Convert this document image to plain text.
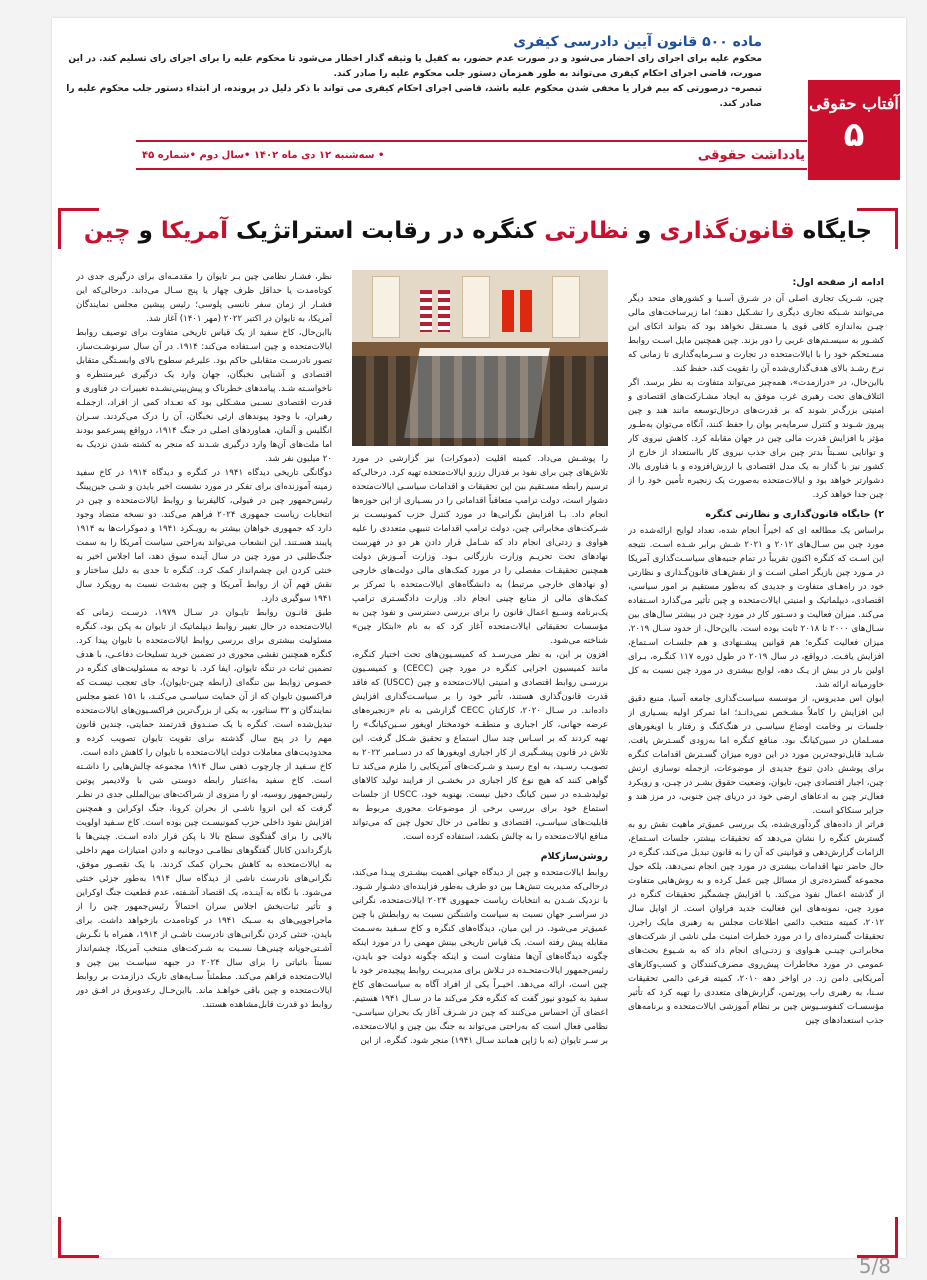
ماده ۵۰۰ قانون آیین دادرسی کیفری
محکوم علیه برای اجرای رای احضار می‌شود و در صورت عدم حضور، به کفیل یا وثیقه گذار اخطار می‌شود تا محکوم علیه را برای اجرای رای تسلیم کند. در این صورت، قاضی اجرای احکام کیفری می‌تواند به طور همزمان دستور جلب محکوم علیه را صادر کند.
تبصره- درصورتی که بیم فرار یا مخفی شدن محکوم علیه باشد، قاضی اجرای احکام کیفری می تواند با ذکر دلیل در پرونده، از ابتداء دستور جلب محکوم علیه را صادر کند.	آفتاب حقوقی
۵
یادداشت حقوقی
• سه‌شنبه ۱۲ دی ماه ۱۴۰۲ •سال دوم •شماره ۴۵
جایگاه قانون‌گذاری و نظارتی کنگره در رقابت استراتژیک آمریکا و چین
ادامه از صفحه اول:
چین، شـریک تجاری اصلی آن در شـرق آسـیا و کشورهای متحد دیگر می‌توانند شـبکه تجاری دیگری را تشـکیل دهند؛ اما زیرساخت‌های مالی چیـن به‌اندازه کافی قوی یا مسـتقل نخواهد بود که بتواند اتکای این کشـور به سیسـتم‌های غربی را دور بزند. چین همچنین مایل اسـت روابط مسـتحکم خود را با ایالات‌متحده در تجارت و سـرمایه‌گذاری تا زمانی که نرخ رشـد بالای هدف‌گذاری‌شده آن را تقویت کند، حفظ کند.
بااین‌حال، در «درازمدت»، همه‌چیز می‌تواند متفاوت به نظر برسد. اگر ائتلاف‌های تحت رهبری غرب موفق به ایجاد مشـارکت‌های اقتصادی و امنیتی بزرگ‌تر شوند که بر قدرت‌های درحال‌توسعه مانند هند و چین پیروز شـوند و کنترل سرمایه‌بر بوان را حفظ کنند، آنگاه می‌توان به‌طـور مؤثر با افزایش قدرت مالی چین در جهان مقابله کرد. کاهش نیروی کار و توانایی نسـبتاً بدتر چین برای جذب نیروی کار بااستعداد از خارج از کشور نیز با گذار به یک مدل اقتصادی با ارزش‌افزوده و با فناوری بالا، دشوارتر خواهد بود و ایالات‌متحده به‌صورت یک زنجیره تأمین خود را از چین جدا خواهد کرد.
۲) جایگاه قانون‌گذاری و نظارتی کنگره
براساس یک مطالعه ای که اخیراً انجام شده، تعداد لوایح ارائه‌شده در مورد چین بین سـال‌های ۲۰۱۲ و ۲۰۲۱ شـش برابر شـده اسـت. نتیجه این اسـت که کنگره اکنون تقریباً در تمام جنبه‌های سیاسـت‌گذاری آمریکا در مـورد چین بازیگر اصلی اسـت و از نقش‌هـای قانون‌گـذاری و نظارتی خود در راه‌هـای متفاوت و جدیدی که به‌طور مستقیم بر امور سیاسی، اقتصادی، دیپلماتیک و امنیتی ایالات‌متحده و چین تأثیر می‌گذارد اسـتفاده می‌کند. میزان فعالیت و دسـتور کار در مورد چین در بیشتر سال‌های بین سـال‌های ۲۰۰۰ تا ۲۰۱۸ ثابت بوده است. بااین‌حال، از حدود سـال ۲۰۱۹، میزان فعالیت کنگره؛ هم قوانین پیشـنهادی و هم جلسـات اسـتماع، افزایش یافـت. درواقع، در سال ۲۰۱۹ در طول دوره ۱۱۷ کنگـره، بـرای اولین بار در بیش از یـک دهه، لوایح بیشتری در مورد چین نسبت به کل خاورمیانه ارائه شد.
ایوان اس مدیروس، از موسسه سیاست‌گذاری جامعه آسیا، منبع دقیق این افزایش را کاملاً مشـخص نمی‌دانـد؛ اما تمرکز اولیه بسـیاری از جلسات بر وخامت اوضاع سیاسـی در هنگ‌کنگ و رفتار با اویغورهای مسـلمان در سین‌کیانگ بود. منافع کنگره اما به‌زودی گسـترش یافت. شـاید قابل‌توجه‌ترین مورد در این دوره میزان گسـترش اقدامات کنگره برای پوشش دادن تنوع جدیدی از موضوعات، ازجمله نوسازی ارتش چین، اجبار اقتصادی چین، تایوان، وضعیت حقوق بشـر در چیـن، و رویکرد فعال‌تر چین به ادعاهای ارضی خود در دریای چین جنوبی، در مرز هند و جزایر سنکاکو است.
فراتر از داده‌های گردآوری‌شده، یک بررسی عمیق‌تر ماهیت نقش رو به گسترش کنگره را نشان می‌دهد که تحقیقات بیشتر، جلسات اسـتماع، الزامات گزارش‌دهی و قوانینی که آن را به قانون تبدیل می‌کند، کنگره در حال حاضر تنها اقدامات بیشتری در مورد چین انجام نمی‌دهد، بلکه حول مجموعه گسترده‌تری از مسائل چین عمل کرده و به روش‌هایی متفاوت از گذشته اعمال نفوذ می‌کند. با افزایش چشمگیر تحقیقات کنگره در مورد چین، نمونه‌های این فعالیت جدید فراوان است. از اوایل سال ۲۰۱۲، کمیته منتخب دائمی اطلاعات مجلس به رهبری مایک راجرز، تحقیقات گسترده‌ای را در مورد خطرات امنیت ملی ناشی از شرکت‌های مخابراتـی چینـی هـواوی و زدتـی‌ای انجام داد که به شـیوع بحث‌های عمومی در مورد مخاطرات پیش‌روی مصرف‌کنندگان و کسب‌وکارهای آمریکایی دامن زد. در اواخر دهه ۲۰۱۰، کمیته فرعی دائمی تحقیقات سـنا، به رهبری راب پورتمن، گزارش‌های متعددی را تهیه کرد که تأثیر مؤسسـات کنفوسـیوس چین بر نظام آموزشی ایالات‌متحده و برنامه‌های جذب استعدادهای چین
را پوشـش می‌داد. کمیته اقلیت (دموکرات) نیز گزارشی در مورد تلاش‌های چین برای نفوذ بر فدرال رزرو ایالات‌متحده تهیه کرد. درحالی‌که ترسیم رابطه مسـتقیم بین این تحقیقات و اقدامات سیاسـی ایالات‌متحده دشوار است، دولت ترامپ متعاقباً اقداماتی را در بسـیاری از این حوزه‌ها انجام داد. بـا افزایش نگرانی‌ها در مورد کنترل حزب کمونیسـت بر شـرکت‌های مخابراتی چین، دولت ترامپ اقدامات تنبیهی متعددی را علیه هواوی و زدتی‌ای انجام داد که شـامل قرار دادن هر دو در فهرست نهادهای تحت تحریـم وزارت بازرگانی بـود. وزارت آمـوزش دولت همچنین تحقیقـات مفصلی را در مورد کمک‌های مالی دولت‌های خارجی (و نهادهای خارجی مرتبط) به دانشگاه‌های ایالات‌متحده با تمرکز بر کمک‌های مالی از منابع چینی انجام داد. وزارت دادگسـتری ترامپ یک‌برنامه وسـیع اعمال قانون را برای بررسی دسترسی و نفوذ چین به مؤسسات تحقیقاتی ایالات‌متحده آغاز کرد که به نام «ابتکار چین» شناخته می‌شود.
افزون بر این، به نظر می‌رسـد که کمیسـیون‌های تحت اختیار کنگره، مانند کمیسیون اجرایی کنگره در مورد چین (CECC) و کمیسـیون بررسـی روابط اقتصادی و امنیتی ایالات‌متحده و چین (USCC) که فاقد قدرت قانون‌گذاری هستند، تأثیر خود را بر سیاسـت‌گذاری افزایش داده‌اند. در سـال ۲۰۲۰، کارکنان CECC گزارشی به نام «زنجیره‌های عرضه جهانی، کار اجباری و منطقـه خودمختار اویغور سـین‌کیانگ» را تهیه کردند که بر اسـاس چند سال استماع و تحقیق شـکل گرفت. این تلاش در قانون پیشـگیری از کار اجباری اویغورها که در دسـامبر ۲۰۲۲ به تصویـب رسـید، به اوج رسید و شـرکت‌های آمریکایی را ملزم می‌کند تـا گواهی کنند که هیچ نوع کار اجباری در بخشـی از فرایند تولید کالاهای تولیدشـده در سین کیانگ دخیل نیست. بهنوبه خود، USCC از جلسات استماع خود برای بررسی برخی از موضوعات محوری مربوط به قابلیت‌های سیاسـی، اقتصادی و نظامی در حال تحول چین که می‌تواند منافع ایالات‌متحده را به چالش بکشد، استفاده کرده است.
روشن‌سازکلام
روابط ایالات‌متحده و چین از دیدگاه جهانی اهمیت بیشـتری پیـدا می‌کند، درحالی‌که مدیریت تنش‌هـا بین دو طرف به‌طور فزاینده‌ای دشـوار شـود. با نزدیک شـدن به انتخابات ریاست جمهوری ۲۰۲۴ ایالات‌متحده، نگرانی در سراسـر جهان نسبت به سیاست واشنگتن نسبت به روابطش با چین عمیق‌تر می‌شود. در این میان، دیدگاه‌های کنگره و کاخ سـفید به‌سـمت مقابله پیش رفته است. یک قیاس تاریخی بینش مهمی را در مورد اینکه چگونه دیدگاه‌های آن‌ها متفاوت است و اینکه چگونه دولت جو بایدن، رئیس‌جمهور ایالات‌متحـده در تـلاش برای مدیریـت روابط پیچیده‌تر خود با چین است، ارائه می‌دهد. اخیـراً یکی از افراد آگاه به سیاست‌های کاخ سفید به کیودو نیوز گفت که کنگره فکر می‌کند ما در سـال ۱۹۴۱ هستیم. اعضای آن احساس می‌کنند که چین در شـرف آغاز یک بحران سیاسـی-نظامی فعال است که به‌راحتی می‌تواند به جنگ بین چین و ایالات‌متحده، بر سـر تایوان (نه با ژاپن همانند سـال ۱۹۴۱) منجر شود. کنگره، از این
نظر، فشـار نظامی چین بـر تایوان را مقدمـه‌ای برای درگیری جدی در کوتاه‌مدت یا حداقل ظرف چهار یا پنج سـال می‌داند. درحالی‌که این فشـار از زمان سفر نانسی پلوسی؛ رئیس پیشین مجلس نمایندگان آمریکا، به تایوان در اکتبر ۲۰۲۲ (مهر ۱۴۰۱) آغاز شد.
بااین‌حال، کاخ سفید از یک قیاس تاریخی متفاوت برای توصیف روابط ایالات‌متحده و چین اسـتفاده می‌کند: ۱۹۱۴. در آن سال سرنوشـت‌ساز، تصور نادرسـت متقابلی حاکم بود. علیرغم سطوح بالای وابسـتگی متقابل اقتصادی و آشنایی نخبگان، جهان وارد یک درگیری غیرمنتظره و ناخواسـته شـد. پیامدهای خطرناک و پیش‌بینی‌نشـده تغییرات در فناوری و قدرت اقتصادی نسـبی مشـکلی بود که تعـداد کمی از افراد، ازجملـه رهبران، با وجود پیوندهای ارثی نخبگان، آن را درک می‌کردند. سـران انگلیس و آلمان، هماوردهای اصلی در جنگ ۱۹۱۴، درواقع پسرعمو بودند اما ملت‌های آن‌ها وارد درگیری شـدند که منجر به کشته شدن نزدیک به ۲۰ میلیون نفر شد.
دوگانگی تاریخی دیدگاه ۱۹۴۱ در کنگره و دیدگاه ۱۹۱۴ در کاخ سفید زمینه آموزنده‌ای برای تفکر در مورد نشست اخیر بایدن و شـی جین‌پینگ رئیس‌جمهور چین در فیولی، کالیفرنیا و روابط ایالات‌متحده و چین در انتخابات ریاست جمهوری ۲۰۲۴ فراهم می‌کند. دو نسخه متضاد وجود دارد که جمهوری خواهان بیشتر به رویـکرد ۱۹۴۱ و دموکرات‌ها به ۱۹۱۴ پایبند هسـتند. این انشعاب می‌تواند به‌راحتی سیاست آمریکا را به سمت جنگ‌طلبی در مورد چین در سال آینده سوق دهد، اما اجلاس اخیر به خنثی کردن این چشم‌انداز کمک کرد. کنگره تا حدی به دلیل ساختار و نقش فهم آن از روابط آمریکا و چین به‌شدت نسبت به رویکرد سال ۱۹۴۱ سوگیری دارد.
طبق قانـون روابط تایـوان در سـال ۱۹۷۹، درسـت زمانی که ایالات‌متحده در حال تغییر روابط دیپلماتیک از تایوان به پکن بود، کنگره مسئولیت بیشتری برای بررسی روابط ایالات‌متحده با تایوان پیدا کرد. کنگره همچنین نقشی محوری در تضمین خرید تسلیحات دفاعـی، با هدف تضمین ثبات در تنگه تایوان، ایفا کرد. با توجه به مسئولیت‌های کنگره در خصوص روابط بین تنگه‌ای (رابطه چین-تایوان)، جای تعجب نیسـت که فراکسیون تایوان که از آن حمایت سیاسـی می‌کنـد، با ۱۵۱ عضو مجلس نمایندگان و ۳۲ سناتور، به یکی از بزرگ‌ترین فراکسـیون‌های ایالات‌متحده تبدیل‌شده است. کنگره با یک صنـدوق قدرتمند حمایتی، چندین قانون مهم را در پنج سال گذشته برای تقویت تایوان تصویب کرده و محدودیت‌های معاملات دولت ایالات‌متحده با تایوان را کاهش داده است.
کاخ سـفید از چارچوب ذهنی سال ۱۹۱۴ مجموعه چالش‌هایی را داشـته است. کاخ سفید به‌اعتبار رابطه دوستی شی با ولادیمیر پوتین رئیس‌جمهور روسیه، او را منزوی از شراکت‌های بین‌المللی جدی در نظـر گرفت که این انزوا ناشـی از بحران کرونا، جنگ اوکراین و همچنین افزایش نفوذ داخلی حزب کمونیسـت چین بوده است. کاخ سـفید اولویت بالایی را برای گفتگوی سطح بالا با پکن قرار داده اسـت. چینی‌ها با بازگرداندن کانال گفتگوهای نظامـی دوجانبه و دادن امتیازات مهم داخلی به ایالات‌متحده به کاهش بحـران کمک کردند. با یک نقصـور موفق، نگرانی‌های نادرست ناشی از دیدگاه سال ۱۹۱۴ به‌طور جزئی خنثی می‌شود. با نگاه به آینـده، یک اقتصاد آشـفته، عدم قطعیت جنگ اوکراین و تأثیر ثبات‌بخش اجلاس سران احتمالاً رئیس‌جمهور چین را از ماجراجویی‌های به سـبک ۱۹۴۱ در کوتاه‌مدت بازخواهد داشت. برای بایدن، خنثی کردن نگرانی‌های نادرست ناشـی از ۱۹۱۴، همراه با نگـرش آشـتی‌جویانه چینی‌هـا نسـبت به شـرکت‌های منتخب آمریکا، چشم‌انداز نسبتاً باثباتی را برای سال ۲۰۲۴ در جبهه سیاسـت بین چین و ایالات‌متحده فراهم می‌کند. مطمئناً سـایه‌های تاریک درازمدت بر روابط ایالات‌متحده و چین باقی خواهـد ماند. بااین‌حـال رعدوبرق در افـق دور روابط دو قدرت قابل‌مشاهده هستند.
5/8
